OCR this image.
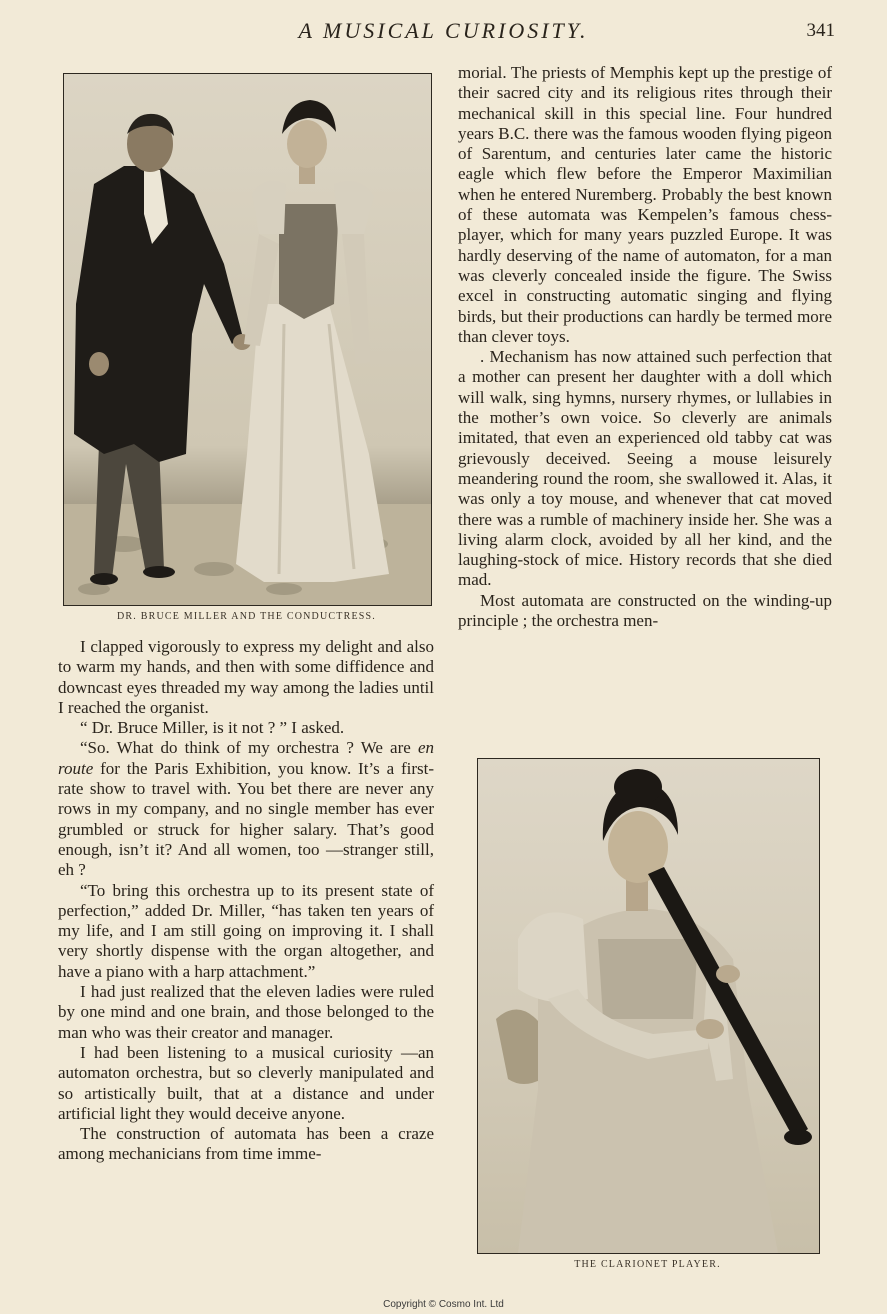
A MUSICAL CURIOSITY.	341
DR. BRUCE MILLER AND THE CONDUCTRESS.
THE CLARIONET PLAYER.

I clapped vigorously to express my delight and also to warm my hands, and then with some diffidence and downcast eyes threaded my way among the ladies until I reached the organist.

“ Dr. Bruce Miller, is it not ? ” I asked.

“So. What do think of my orchestra ? We are en route for the Paris Exhibition, you know. It’s a first-rate show to travel with. You bet there are never any rows in my company, and no single member has ever grumbled or struck for higher salary. That’s good enough, isn’t it? And all women, too —stranger still, eh ?

“To bring this orchestra up to its present state of perfection,” added Dr. Miller, “has taken ten years of my life, and I am still going on improving it. I shall very shortly dispense with the organ altogether, and have a piano with a harp attachment.”

I had just realized that the eleven ladies were ruled by one mind and one brain, and those belonged to the man who was their creator and manager.

I had been listening to a musical curiosity —an automaton orchestra, but so cleverly manipulated and so artistically built, that at a distance and under artificial light they would deceive anyone.

The construction of automata has been a craze among mechanicians from time imme-

morial. The priests of Memphis kept up the prestige of their sacred city and its religious rites through their mechanical skill in this special line. Four hundred years B.C. there was the famous wooden flying pigeon of Sarentum, and centuries later came the historic eagle which flew before the Emperor Maximilian when he entered Nuremberg. Probably the best known of these automata was Kempelen’s famous chess-player, which for many years puzzled Europe. It was hardly deserving of the name of automaton, for a man was cleverly concealed inside the figure. The Swiss excel in constructing automatic singing and flying birds, but their productions can hardly be termed more than clever toys.

. Mechanism has now attained such perfection that a mother can present her daughter with a doll which will walk, sing hymns, nursery rhymes, or lullabies in the mother’s own voice. So cleverly are animals imitated, that even an experienced old tabby cat was grievously deceived. Seeing a mouse leisurely meandering round the room, she swallowed it. Alas, it was only a toy mouse, and whenever that cat moved there was a rumble of machinery inside her. She was a living alarm clock, avoided by all her kind, and the laughing-stock of mice. History records that she died mad.

Most automata are constructed on the winding-up principle ; the orchestra men-

Copyright © Cosmo Int. Ltd
